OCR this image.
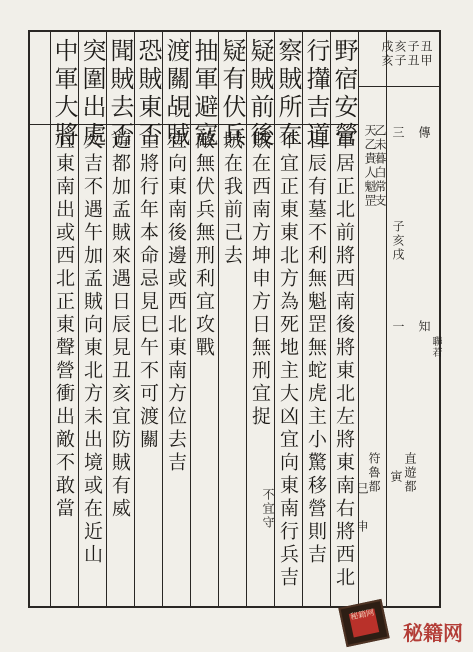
丑甲
子丑
亥子
戌亥
野宿安營
行攆吉道
察賊所在
疑賊前後
疑有伏兵
抽軍避寇
渡關覘賊
恐賊東否
聞賊去否
突圍出處
中軍大將
軍居正北前將西南後將東北左將東南右將西北
日辰有墓不利無魁罡無蛇虎主小驚移營則吉
不宜正東東北方為死地主大凶宜向東南行兵吉
賊在西南方坤申方日無刑宜捉
賊在我前己去
敵無伏兵無刑利宜攻戰
宜向東南後邊或西北東南方位去吉
主將行年本命忌見巳午不可渡關
遊都加孟賊來遇日辰見丑亥宜防賊有威
大吉不遇午加孟賊向東北方未出境或在近山
宜東南出或西北正東聲營衝出敵不敢當	天乙貴人魁罡
乙未暮白常支 三
子亥戌
一
傳
知
聯若
直遊都
寅
符魯都
申
巳
不宜守
秘籍网
秘籍网
